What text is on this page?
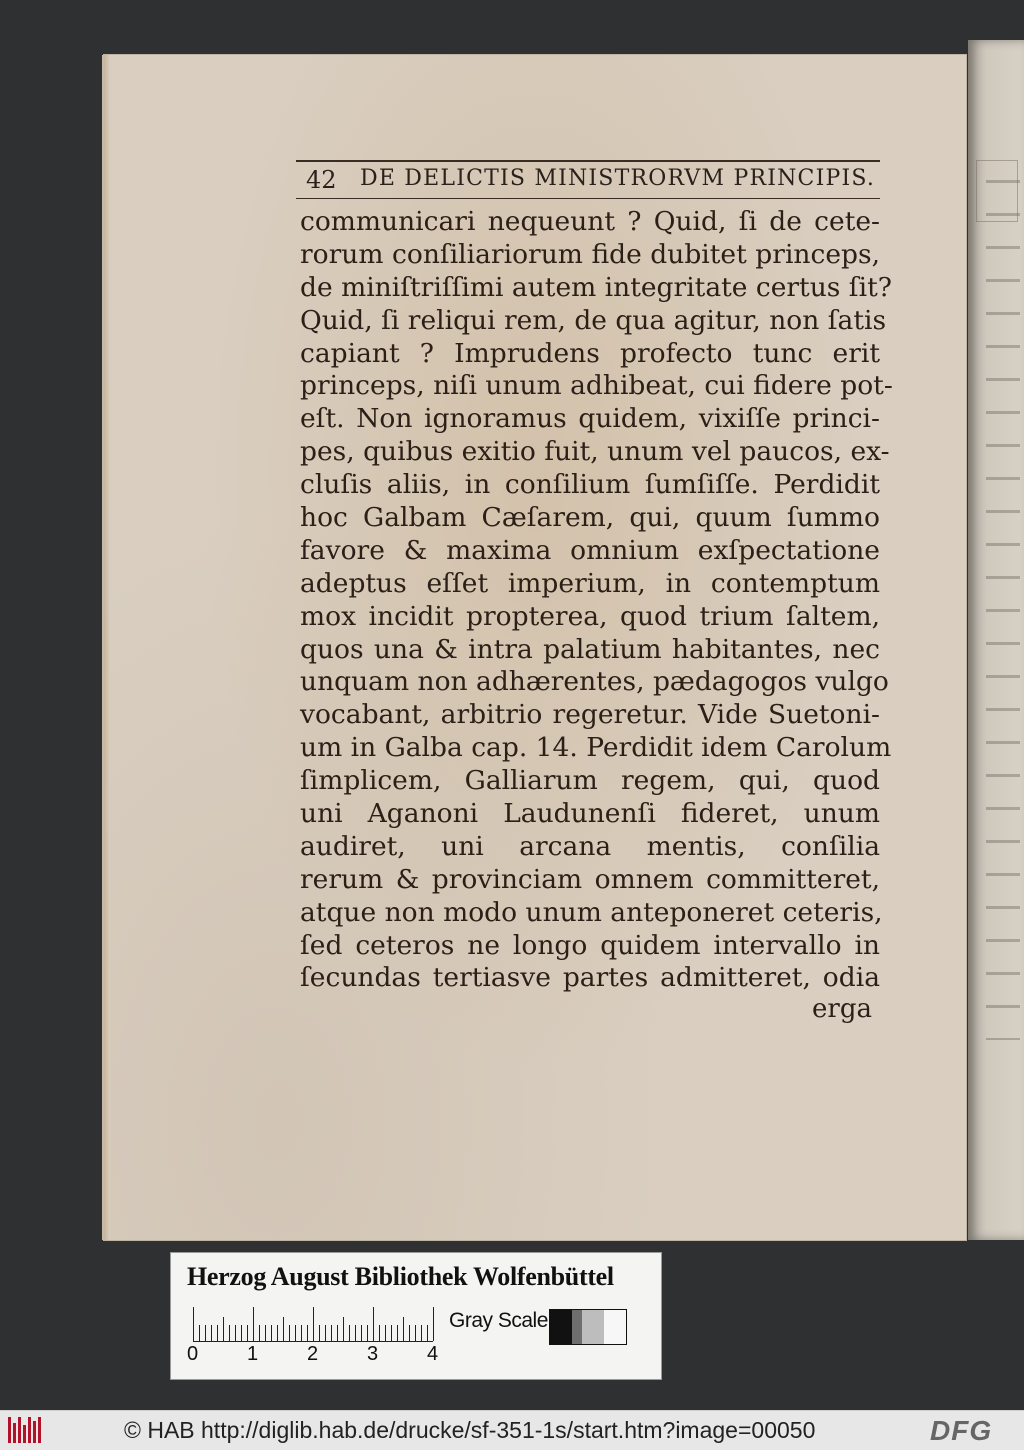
42 DE DELICTIS MINISTRORVM PRINCIPIS.
communicari nequeunt ? Quid, ſi de cete-
rorum conſiliariorum fide dubitet princeps,
de miniſtriſſimi autem integritate certus ſit?
Quid, ſi reliqui rem, de qua agitur, non ſatis
capiant ? Imprudens profecto tunc erit
princeps, niſi unum adhibeat, cui fidere pot-
eſt. Non ignoramus quidem, vixiſſe princi-
pes, quibus exitio fuit, unum vel paucos, ex-
cluſis aliis, in conſilium ſumſiſſe. Perdidit
hoc Galbam Cæſarem, qui, quum ſummo
favore & maxima omnium exſpectatione
adeptus eſſet imperium, in contemptum
mox incidit propterea, quod trium ſaltem,
quos una & intra palatium habitantes, nec
unquam non adhærentes, pædagogos vulgo
vocabant, arbitrio regeretur. Vide Suetoni-
um in Galba cap. 14. Perdidit idem Carolum
ſimplicem, Galliarum regem, qui, quod
uni Aganoni Laudunenſi fideret, unum
audiret, uni arcana mentis, conſilia
rerum & provinciam omnem committeret,
atque non modo unum anteponeret ceteris,
ſed ceteros ne longo quidem intervallo in
ſecundas tertiasve partes admitteret, odia
erga
Herzog August Bibliothek Wolfenbüttel
0 1 2 3 4
Gray Scale
© HAB http://diglib.hab.de/drucke/sf-351-1s/start.htm?image=00050	DFG
